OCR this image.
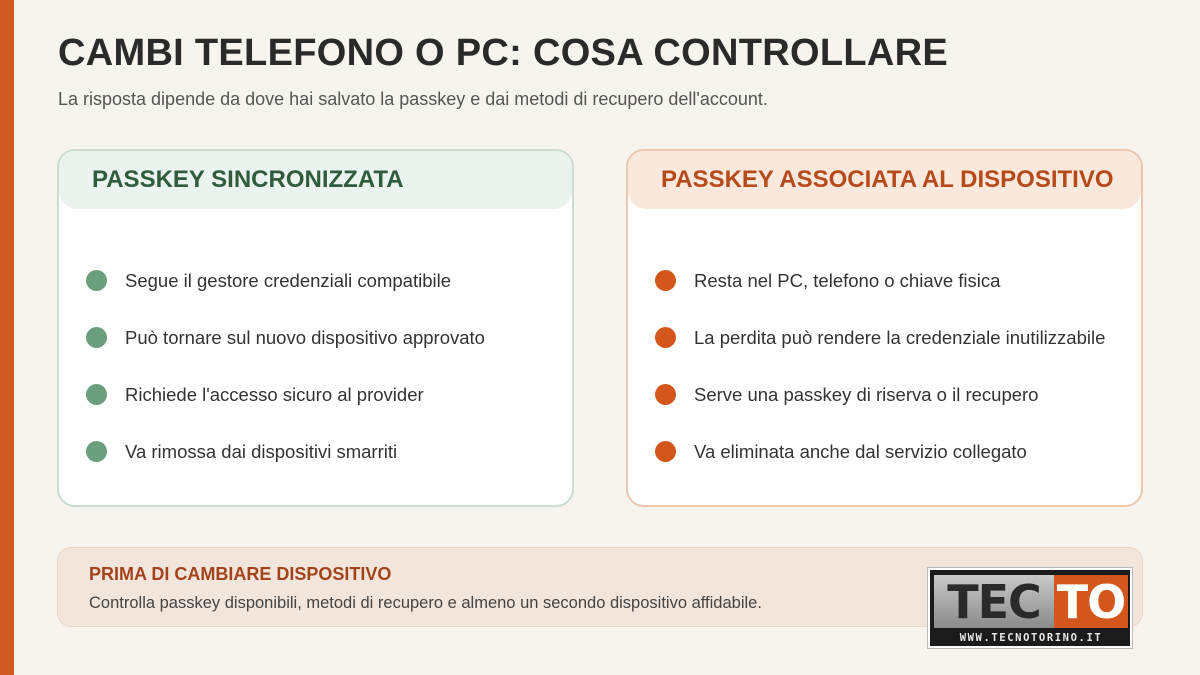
CAMBI TELEFONO O PC: COSA CONTROLLARE

La risposta dipende da dove hai salvato la passkey e dai metodi di recupero dell'account.

PASSKEY SINCRONIZZATA
Segue il gestore credenziali compatibile
Può tornare sul nuovo dispositivo approvato
Richiede l'accesso sicuro al provider
Va rimossa dai dispositivi smarriti
PASSKEY ASSOCIATA AL DISPOSITIVO
Resta nel PC, telefono o chiave fisica
La perdita può rendere la credenziale inutilizzabile
Serve una passkey di riserva o il recupero
Va eliminata anche dal servizio collegato
PRIMA DI CAMBIARE DISPOSITIVO
Controlla passkey disponibili, metodi di recupero e almeno un secondo dispositivo affidabile.	TEC TO
WWW.TECNOTORINO.IT
